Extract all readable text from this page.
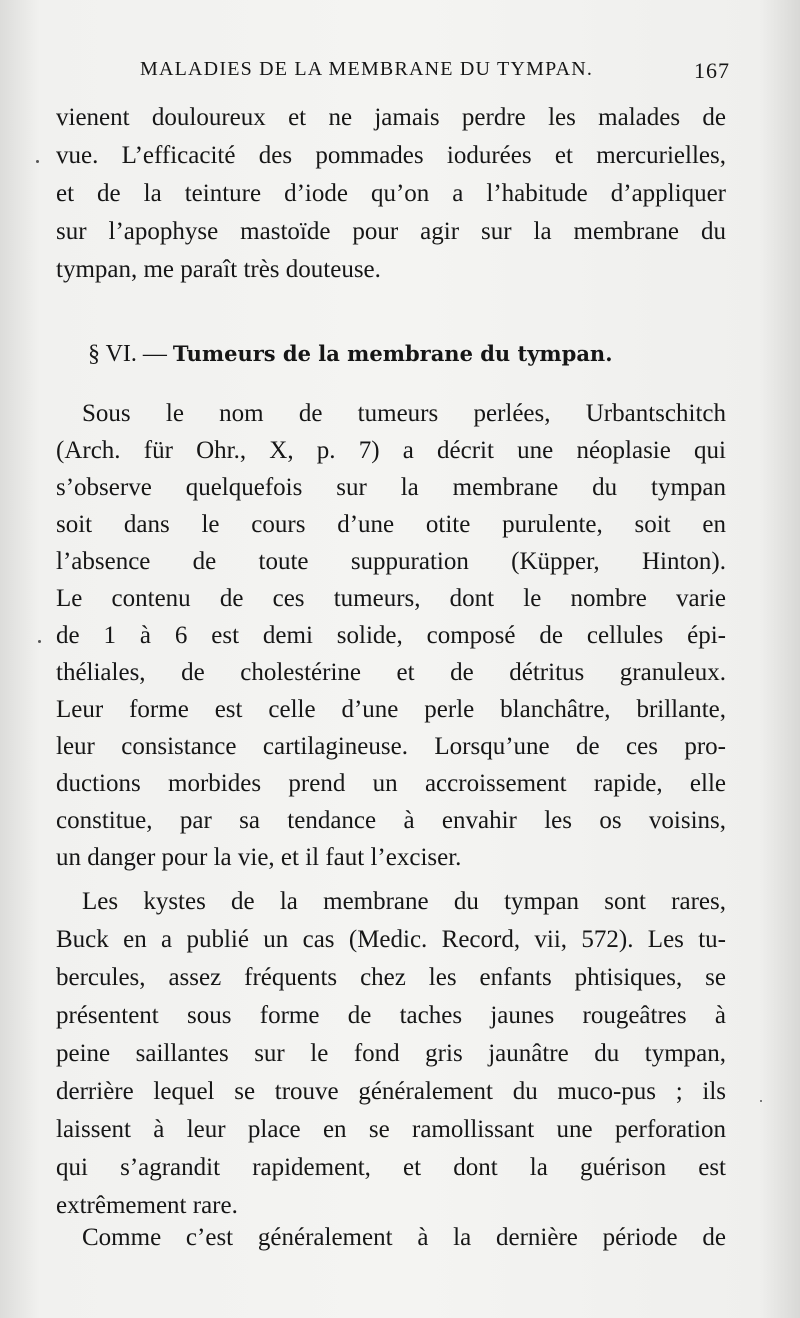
MALADIES DE LA MEMBRANE DU TYMPAN.	167
vienent douloureux et ne jamais perdre les malades de
vue. L’efficacité des pommades iodurées et mercurielles,
et de la teinture d’iode qu’on a l’habitude d’appliquer
sur l’apophyse mastoïde pour agir sur la membrane du
tympan, me paraît très douteuse.
§ VI. — Tumeurs de la membrane du tympan.
Sous le nom de tumeurs perlées, Urbantschitch
(Arch. für Ohr., X, p. 7) a décrit une néoplasie qui
s’observe quelquefois sur la membrane du tympan
soit dans le cours d’une otite purulente, soit en
l’absence de toute suppuration (Küpper, Hinton).
Le contenu de ces tumeurs, dont le nombre varie
de 1 à 6 est demi solide, composé de cellules épi-
théliales, de cholestérine et de détritus granuleux.
Leur forme est celle d’une perle blanchâtre, brillante,
leur consistance cartilagineuse. Lorsqu’une de ces pro-
ductions morbides prend un accroissement rapide, elle
constitue, par sa tendance à envahir les os voisins,
un danger pour la vie, et il faut l’exciser.
Les kystes de la membrane du tympan sont rares,
Buck en a publié un cas (Medic. Record, vii, 572). Les tu-
bercules, assez fréquents chez les enfants phtisiques, se
présentent sous forme de taches jaunes rougeâtres à
peine saillantes sur le fond gris jaunâtre du tympan,
derrière lequel se trouve généralement du muco-pus ; ils
laissent à leur place en se ramollissant une perforation
qui s’agrandit rapidement, et dont la guérison est
extrêmement rare.
Comme c’est généralement à la dernière période de
